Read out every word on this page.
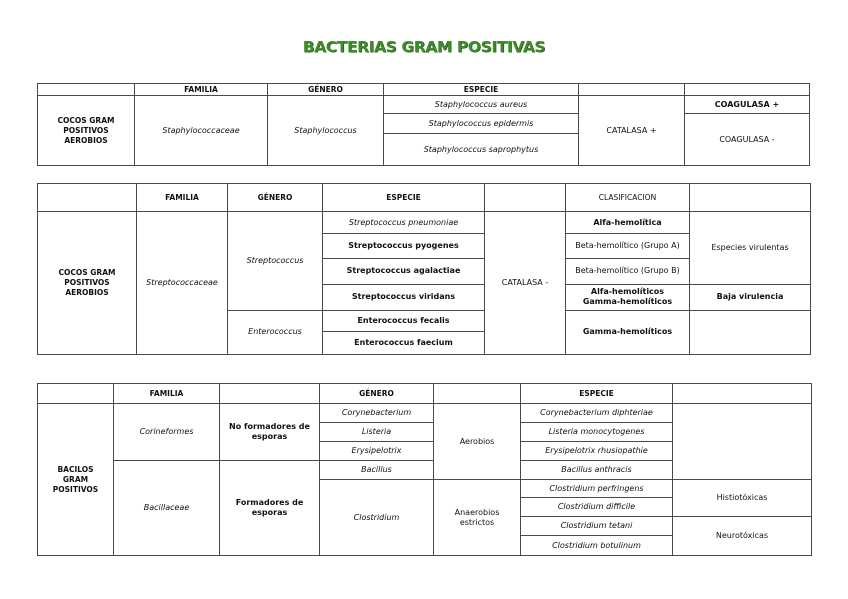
BACTERIAS GRAM POSITIVAS
	FAMILIA	GÉNERO	ESPECIE		
COCOS GRAM POSITIVOS AEROBIOS	Staphylococcaceae	Staphylococcus	Staphylococcus aureus	CATALASA +	COAGULASA +
			Staphylococcus epidermis		COAGULASA -
			Staphylococcus saprophytus		
	FAMILIA	GÉNERO	ESPECIE		CLASIFICACION	
COCOS GRAM POSITIVOS AEROBIOS	Streptococcaceae	Streptococcus	Streptococcus pneumoniae	CATALASA -	Alfa-hemolítica	Especies virulentas
			Streptococcus pyogenes		Beta-hemolítico (Grupo A)	
			Streptococcus agalactiae		Beta-hemolítico (Grupo B)	
			Streptococcus viridans		Alfa-hemolíticos Gamma-hemolíticos	Baja virulencia
		Enterococcus	Enterococcus fecalis		Gamma-hemolíticos	
			Enterococcus faecium			
	FAMILIA		GÉNERO		ESPECIE	
BACILOS GRAM POSITIVOS	Corineformes	No formadores de esporas	Corynebacterium	Aerobios	Corynebacterium diphteriae	
			Listeria		Listeria monocytogenes	
			Erysipelotrix		Erysipelotrix rhusiopathie	
	Bacillaceae	Formadores de esporas	Bacillus		Bacillus anthracis	
			Clostridium	Anaerobios estrictos	Clostridium perfringens	Histiotóxicas
					Clostridium difficile	
					Clostridium tetani	Neurotóxicas
					Clostridium botulinum	
